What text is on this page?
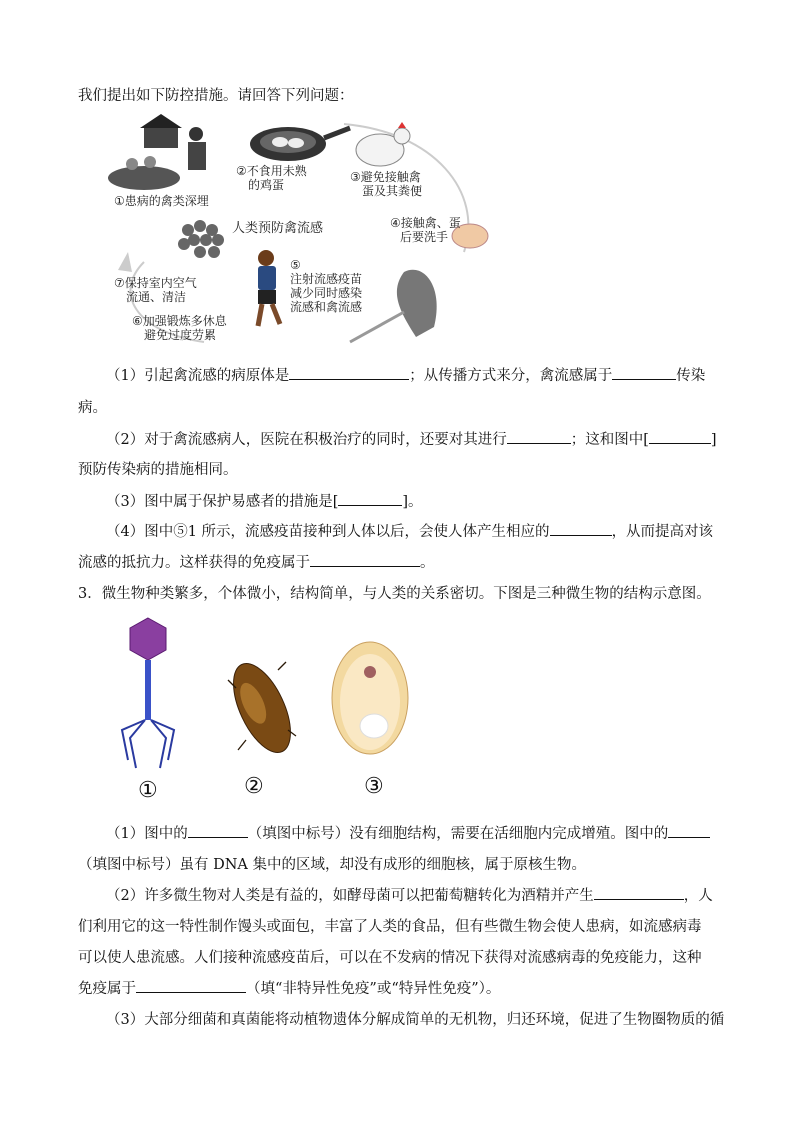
我们提出如下防控措施。请回答下列问题：
①患病的禽类深埋
②不食用未熟
的鸡蛋
③避免接触禽
蛋及其粪便
人类预防禽流感	④接触禽、蛋
后要洗手
⑤
注射流感疫苗
减少同时感染
流感和禽流感
⑦保持室内空气
流通、清洁
⑥加强锻炼多休息
避免过度劳累
（1）引起禽流感的病原体是	；从传播方式来分，禽流感属于	传染
病。
（2）对于禽流感病人，医院在积极治疗的同时，还要对其进行	；这和图中[	]
预防传染病的措施相同。
（3）图中属于保护易感者的措施是[	]。
（4）图中⑤1 所示，流感疫苗接种到人体以后，会使人体产生相应的	，从而提高对该
流感的抵抗力。这样获得的免疫属于	。
3．微生物种类繁多，个体微小，结构简单，与人类的关系密切。下图是三种微生物的结构示意图。
①	②	③
（1）图中的	（填图中标号）没有细胞结构，需要在活细胞内完成增殖。图中的
（填图中标号）虽有 DNA 集中的区域，却没有成形的细胞核，属于原核生物。
（2）许多微生物对人类是有益的，如酵母菌可以把葡萄糖转化为酒精并产生	，人
们利用它的这一特性制作馒头或面包，丰富了人类的食品，但有些微生物会使人患病，如流感病毒
可以使人患流感。人们接种流感疫苗后，可以在不发病的情况下获得对流感病毒的免疫能力，这种
免疫属于	（填“非特异性免疫”或“特异性免疫”）。
（3）大部分细菌和真菌能将动植物遗体分解成简单的无机物，归还环境，促进了生物圈物质的循
